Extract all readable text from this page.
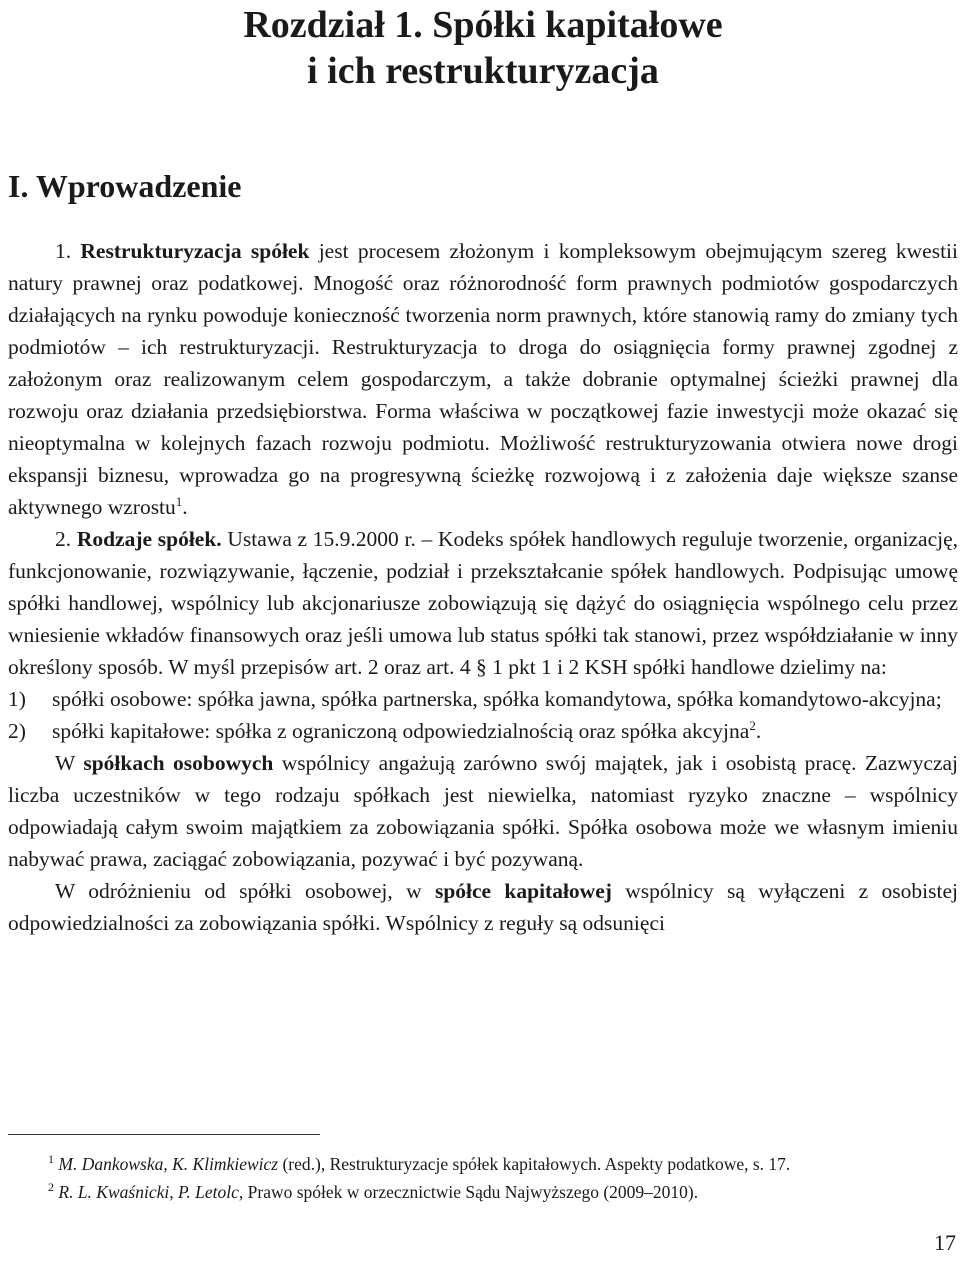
Rozdział 1. Spółki kapitałowe
i ich restrukturyzacja
I. Wprowadzenie

1. Restrukturyzacja spółek jest procesem złożonym i kompleksowym obejmującym szereg kwestii natury prawnej oraz podatkowej. Mnogość oraz różnorodność form prawnych podmiotów gospodarczych działających na rynku powoduje konieczność tworzenia norm prawnych, które stanowią ramy do zmiany tych podmiotów – ich restrukturyzacji. Restrukturyzacja to droga do osiągnięcia formy prawnej zgodnej z założonym oraz realizowanym celem gospodarczym, a także dobranie optymalnej ścieżki prawnej dla rozwoju oraz działania przedsiębiorstwa. Forma właściwa w początkowej fazie inwestycji może okazać się nieoptymalna w kolejnych fazach rozwoju podmiotu. Możliwość restrukturyzowania otwiera nowe drogi ekspansji biznesu, wprowadza go na progresywną ścieżkę rozwojową i z założenia daje większe szanse aktywnego wzrostu$^1$.

2. Rodzaje spółek. Ustawa z 15.9.2000 r. – Kodeks spółek handlowych reguluje tworzenie, organizację, funkcjonowanie, rozwiązywanie, łączenie, podział i przekształcanie spółek handlowych. Podpisując umowę spółki handlowej, wspólnicy lub akcjonariusze zobowiązują się dążyć do osiągnięcia wspólnego celu przez wniesienie wkładów finansowych oraz jeśli umowa lub status spółki tak stanowi, przez współdziałanie w inny określony sposób. W myśl przepisów art. 2 oraz art. 4 § 1 pkt 1 i 2 KSH spółki handlowe dzielimy na:

1) spółki osobowe: spółka jawna, spółka partnerska, spółka komandytowa, spółka komandytowo-akcyjna;
2) spółki kapitałowe: spółka z ograniczoną odpowiedzialnością oraz spółka akcyjna$^2$.

W spółkach osobowych wspólnicy angażują zarówno swój majątek, jak i osobistą pracę. Zazwyczaj liczba uczestników w tego rodzaju spółkach jest niewielka, natomiast ryzyko znaczne – wspólnicy odpowiadają całym swoim majątkiem za zobowiązania spółki. Spółka osobowa może we własnym imieniu nabywać prawa, zaciągać zobowiązania, pozywać i być pozywaną.

W odróżnieniu od spółki osobowej, w spółce kapitałowej wspólnicy są wyłączeni z osobistej odpowiedzialności za zobowiązania spółki. Wspólnicy z reguły są odsunięci

$^1$ M. Dankowska, K. Klimkiewicz (red.), Restrukturyzacje spółek kapitałowych. Aspekty podatkowe, s. 17.

$^2$ R. L. Kwaśnicki, P. Letolc, Prawo spółek w orzecznictwie Sądu Najwyższego (2009–2010).

17
